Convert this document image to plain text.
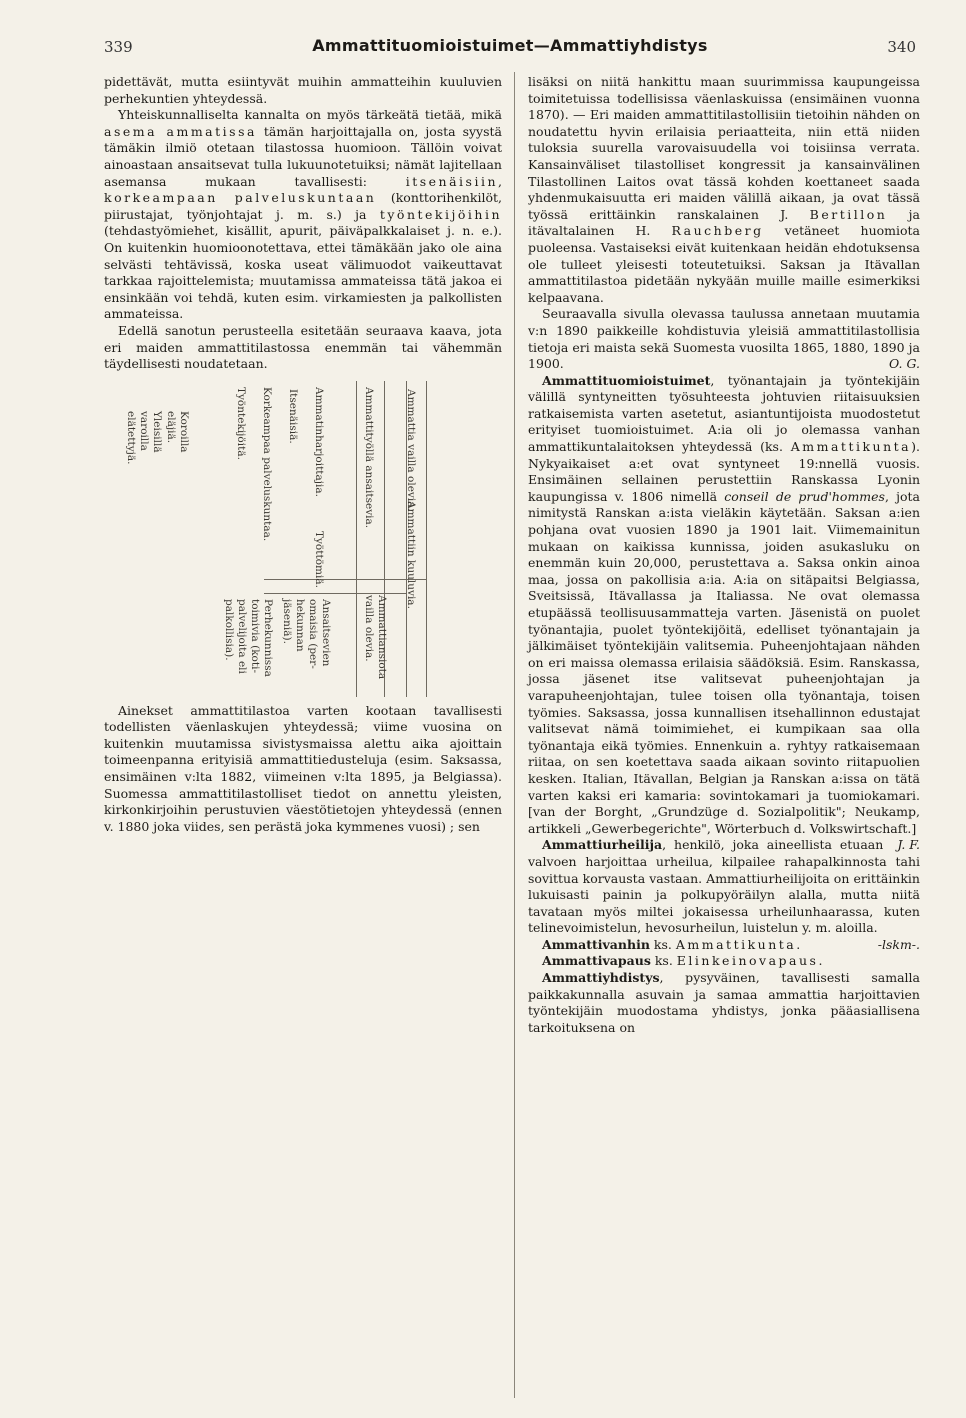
339	Ammattituomioistuimet—Ammattiyhdistys	340

pidettävät, mutta esiintyvät muihin ammatteihin kuuluvien perhekuntien yhteydessä.

Yhteiskunnalliselta kannalta on myös tärkeätä tietää, mikä asema ammatissa tämän harjoittajalla on, josta syystä tämäkin ilmiö otetaan tilastossa huomioon. Tällöin voivat ainoastaan ansaitsevat tulla lukuunotetuiksi; nämät lajitellaan asemansa mukaan tavallisesti: itsenäisiin, korkeampaan palveluskuntaan (konttorihenkilöt, piirustajat, työnjohtajat j. m. s.) ja työntekijöihin (tehdastyömiehet, kisällit, apurit, päiväpalkkalaiset j. n. e.). On kuitenkin huomioonotettava, ettei tämäkään jako ole aina selvästi tehtävissä, koska useat välimuodot vaikeuttavat tarkkaa rajoittelemista; muutamissa ammateissa tätä jakoa ei ensinkään voi tehdä, kuten esim. virkamiesten ja palkollisten ammateissa.

Edellä sanotun perusteella esitetään seuraava kaava, jota eri maiden ammattitilastossa enemmän tai vähemmän täydellisesti noudatetaan.

Ammattiin kuuluvia.
Ammattia vailla olevia.
Ammattityöllä ansaitsevia.
Ammatinharjoittajia.
Työttömiä.
Itsenäisiä.
Korkeampaa palveluskuntaa.
Työntekijöitä.
Ammattiansiota vailla olevia.
Ansaitsevien
omaisia (per-
hekunnan
jäseniä).
Perhekunnissa
toimivia (koti-
palvelijoita eli
palkollisia).
Koroilla
eläjiä.
Yleisillä
varoilla
elätettyjä.

Ainekset ammattitilastoa varten kootaan tavallisesti todellisten väenlaskujen yhteydessä; viime vuosina on kuitenkin muutamissa sivistysmaissa alettu aika ajoittain toimeenpanna erityisiä ammattitiedusteluja (esim. Saksassa, ensimäinen v:lta 1882, viimeinen v:lta 1895, ja Belgiassa). Suomessa ammattitilastolliset tiedot on annettu yleisten, kirkonkirjoihin perustuvien väestötietojen yhteydessä (ennen v. 1880 joka viides, sen perästä joka kymmenes vuosi) ; sen

lisäksi on niitä hankittu maan suurimmissa kaupungeissa toimitetuissa todellisissa väenlaskuissa (ensimäinen vuonna 1870). — Eri maiden ammattitilastollisiin tietoihin nähden on noudatettu hyvin erilaisia periaatteita, niin että niiden tuloksia suurella varovaisuudella voi toisiinsa verrata. Kansainväliset tilastolliset kongressit ja kansainvälinen Tilastollinen Laitos ovat tässä kohden koettaneet saada yhdenmukaisuutta eri maiden välillä aikaan, ja ovat tässä työssä erittäinkin ranskalainen J. Bertillon ja itävaltalainen H. Rauchberg vetäneet huomiota puoleensa. Vastaiseksi eivät kuitenkaan heidän ehdotuksensa ole tulleet yleisesti toteutetuiksi. Saksan ja Itävallan ammattitilastoa pidetään nykyään muille maille esimerkiksi kelpaavana.

Seuraavalla sivulla olevassa taulussa annetaan muutamia v:n 1890 paikkeille kohdistuvia yleisiä ammattitilastollisia tietoja eri maista sekä Suomesta vuosilta 1865, 1880, 1890 ja 1900.	O. G.

Ammattituomioistuimet, työnantajain ja työntekijäin välillä syntyneitten työsuhteesta johtuvien riitaisuuksien ratkaisemista varten asetetut, asiantuntijoista muodostetut erityiset tuomioistuimet. A:ia oli jo olemassa vanhan ammattikuntalaitoksen yhteydessä (ks. Ammattikunta). Nykyaikaiset a:et ovat syntyneet 19:nnellä vuosis. Ensimäinen sellainen perustettiin Ranskassa Lyonin kaupungissa v. 1806 nimellä conseil de prud'hommes, jota nimitystä Ranskan a:ista vieläkin käytetään. Saksan a:ien pohjana ovat vuosien 1890 ja 1901 lait. Viimemainitun mukaan on kaikissa kunnissa, joiden asukasluku on enemmän kuin 20,000, perustettava a. Saksa onkin ainoa maa, jossa on pakollisia a:ia. A:ia on sitäpaitsi Belgiassa, Sveitsissä, Itävallassa ja Italiassa. Ne ovat olemassa etupäässä teollisuusammatteja varten. Jäsenistä on puolet työnantajia, puolet työntekijöitä, edelliset työnantajain ja jälkimäiset työntekijäin valitsemia. Puheenjohtajaan nähden on eri maissa olemassa erilaisia säädöksiä. Esim. Ranskassa, jossa jäsenet itse valitsevat puheenjohtajan ja varapuheenjohtajan, tulee toisen olla työnantaja, toisen työmies. Saksassa, jossa kunnallisen itsehallinnon edustajat valitsevat nämä toimimiehet, ei kumpikaan saa olla työnantaja eikä työmies. Ennenkuin a. ryhtyy ratkaisemaan riitaa, on sen koetettava saada aikaan sovinto riitapuolien kesken. Italian, Itävallan, Belgian ja Ranskan a:issa on tätä varten kaksi eri kamaria: sovintokamari ja tuomiokamari. [van der Borght, „Grundzüge d. Sozialpolitik"; Neukamp, artikkeli „Gewerbegerichte", Wörterbuch d. Volkswirtschaft.]
J. F.

Ammattiurheilija, henkilö, joka aineellista etuaan valvoen harjoittaa urheilua, kilpailee rahapalkinnosta tahi sovittua korvausta vastaan. Ammattiurheilijoita on erittäinkin lukuisasti painin ja polkupyöräilyn alalla, mutta niitä tavataan myös miltei jokaisessa urheilunhaarassa, kuten telinevoimistelun, hevosurheilun, luistelun y. m. aloilla.
-lskm-.

Ammattivanhin ks. Ammattikunta.

Ammattivapaus ks. Elinkeinovapaus.

Ammattiyhdistys, pysyväinen, tavallisesti samalla paikkakunnalla asuvain ja samaa ammattia harjoittavien työntekijäin muodostama yhdistys, jonka pääasiallisena tarkoituksena on
